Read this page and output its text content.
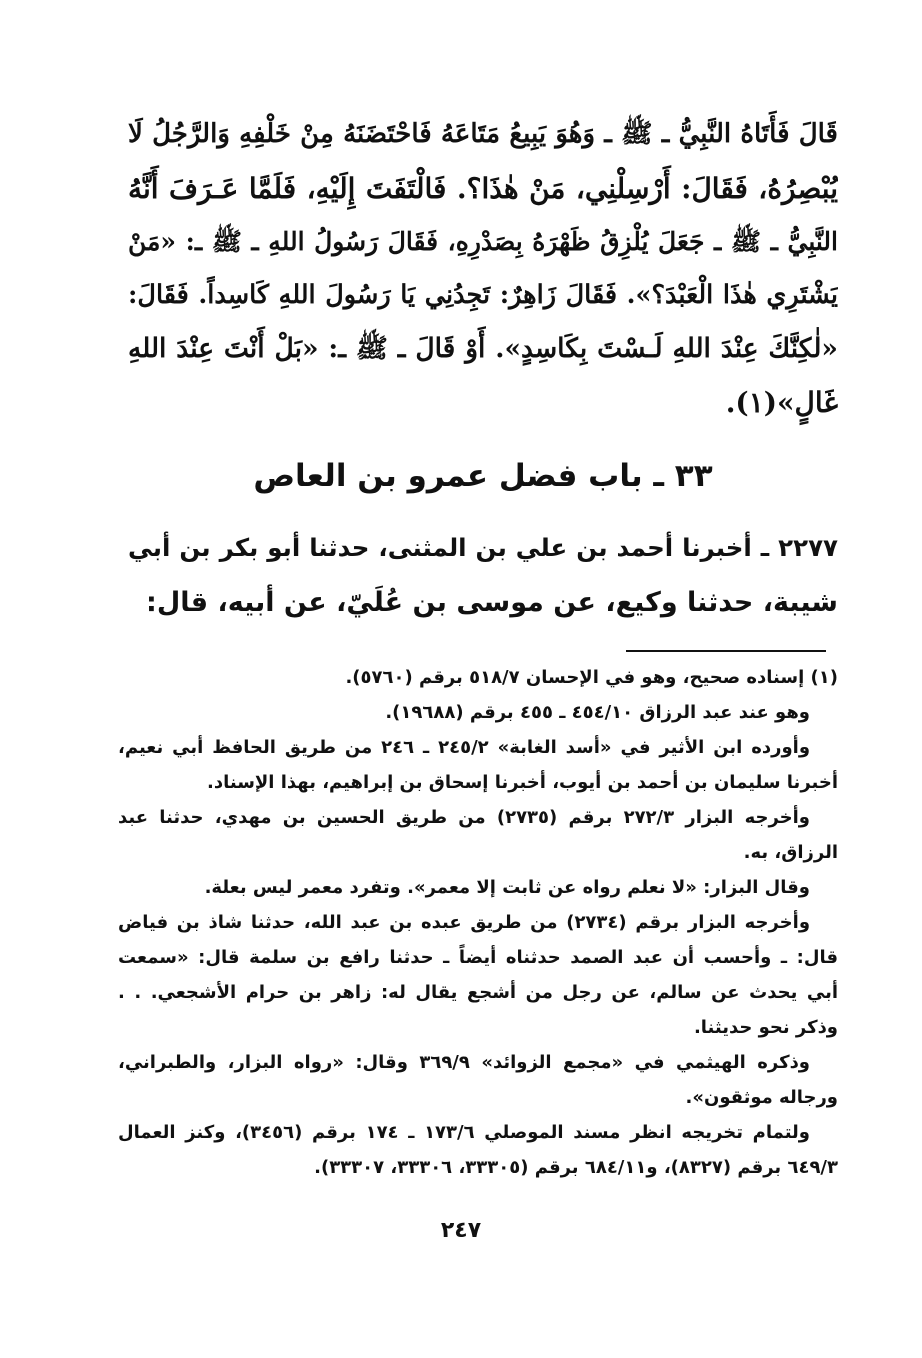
قَالَ فَأَتَاهُ النَّبِيُّ ـ ﷺ ـ وَهُوَ يَبِيعُ مَتَاعَهُ فَاحْتَضَنَهُ مِنْ خَلْفِهِ وَالرَّجُلُ لَا
يُبْصِرُهُ، فَقَالَ: أَرْسِلْنِي، مَنْ هٰذَا؟. فَالْتَفَتَ إِلَيْهِ، فَلَمَّا عَـرَفَ أَنَّهُ
النَّبِيُّ ـ ﷺ ـ جَعَلَ يُلْزِقُ ظَهْرَهُ بِصَدْرِهِ، فَقَالَ رَسُولُ اللهِ ـ ﷺ ـ: «مَنْ
يَشْتَرِي هٰذَا الْعَبْدَ؟». فَقَالَ زَاهِرٌ: تَجِدُنِي يَا رَسُولَ اللهِ كَاسِداً. فَقَالَ:
«لٰكِنَّكَ عِنْدَ اللهِ لَـسْتَ بِكَاسِدٍ». أَوْ قَالَ ـ ﷺ ـ: «بَلْ أَنْتَ عِنْدَ اللهِ
غَالٍ»(١).
٣٣ ـ باب فضل عمرو بن العاص
٢٢٧٧ ـ أخبرنا أحمد بن علي بن المثنى، حدثنا أبو بكر بن أبي
شيبة، حدثنا وكيع، عن موسى بن عُلَيّ، عن أبيه، قال:
(١) إسناده صحيح، وهو في الإحسان ٥١٨/٧ برقم (٥٧٦٠).
وهو عند عبد الرزاق ٤٥٤/١٠ ـ ٤٥٥ برقم (١٩٦٨٨).
وأورده ابن الأثير في «أسد الغابة» ٢٤٥/٢ ـ ٢٤٦ من طريق الحافظ أبي نعيم،
أخبرنا سليمان بن أحمد بن أيوب، أخبرنا إسحاق بن إبراهيم، بهذا الإسناد.
وأخرجه البزار ٢٧٢/٣ برقم (٢٧٣٥) من طريق الحسين بن مهدي، حدثنا عبد
الرزاق، به.
وقال البزار: «لا نعلم رواه عن ثابت إلا معمر». وتفرد معمر ليس بعلة.
وأخرجه البزار برقم (٢٧٣٤) من طريق عبده بن عبد الله، حدثنا شاذ بن فياض
قال: ـ وأحسب أن عبد الصمد حدثناه أيضاً ـ حدثنا رافع بن سلمة قال: «سمعت
أبي يحدث عن سالم، عن رجل من أشجع يقال له: زاهر بن حرام الأشجعي. . .
وذكر نحو حديثنا.
وذكره الهيثمي في «مجمع الزوائد» ٣٦٩/٩ وقال: «رواه البزار، والطبراني،
ورجاله موثقون».
ولتمام تخريجه انظر مسند الموصلي ١٧٣/٦ ـ ١٧٤ برقم (٣٤٥٦)، وكنز العمال
٦٤٩/٣ برقم (٨٣٢٧)، و٦٨٤/١١ برقم (٣٣٣٠٥، ٣٣٣٠٦، ٣٣٣٠٧).
٢٤٧
